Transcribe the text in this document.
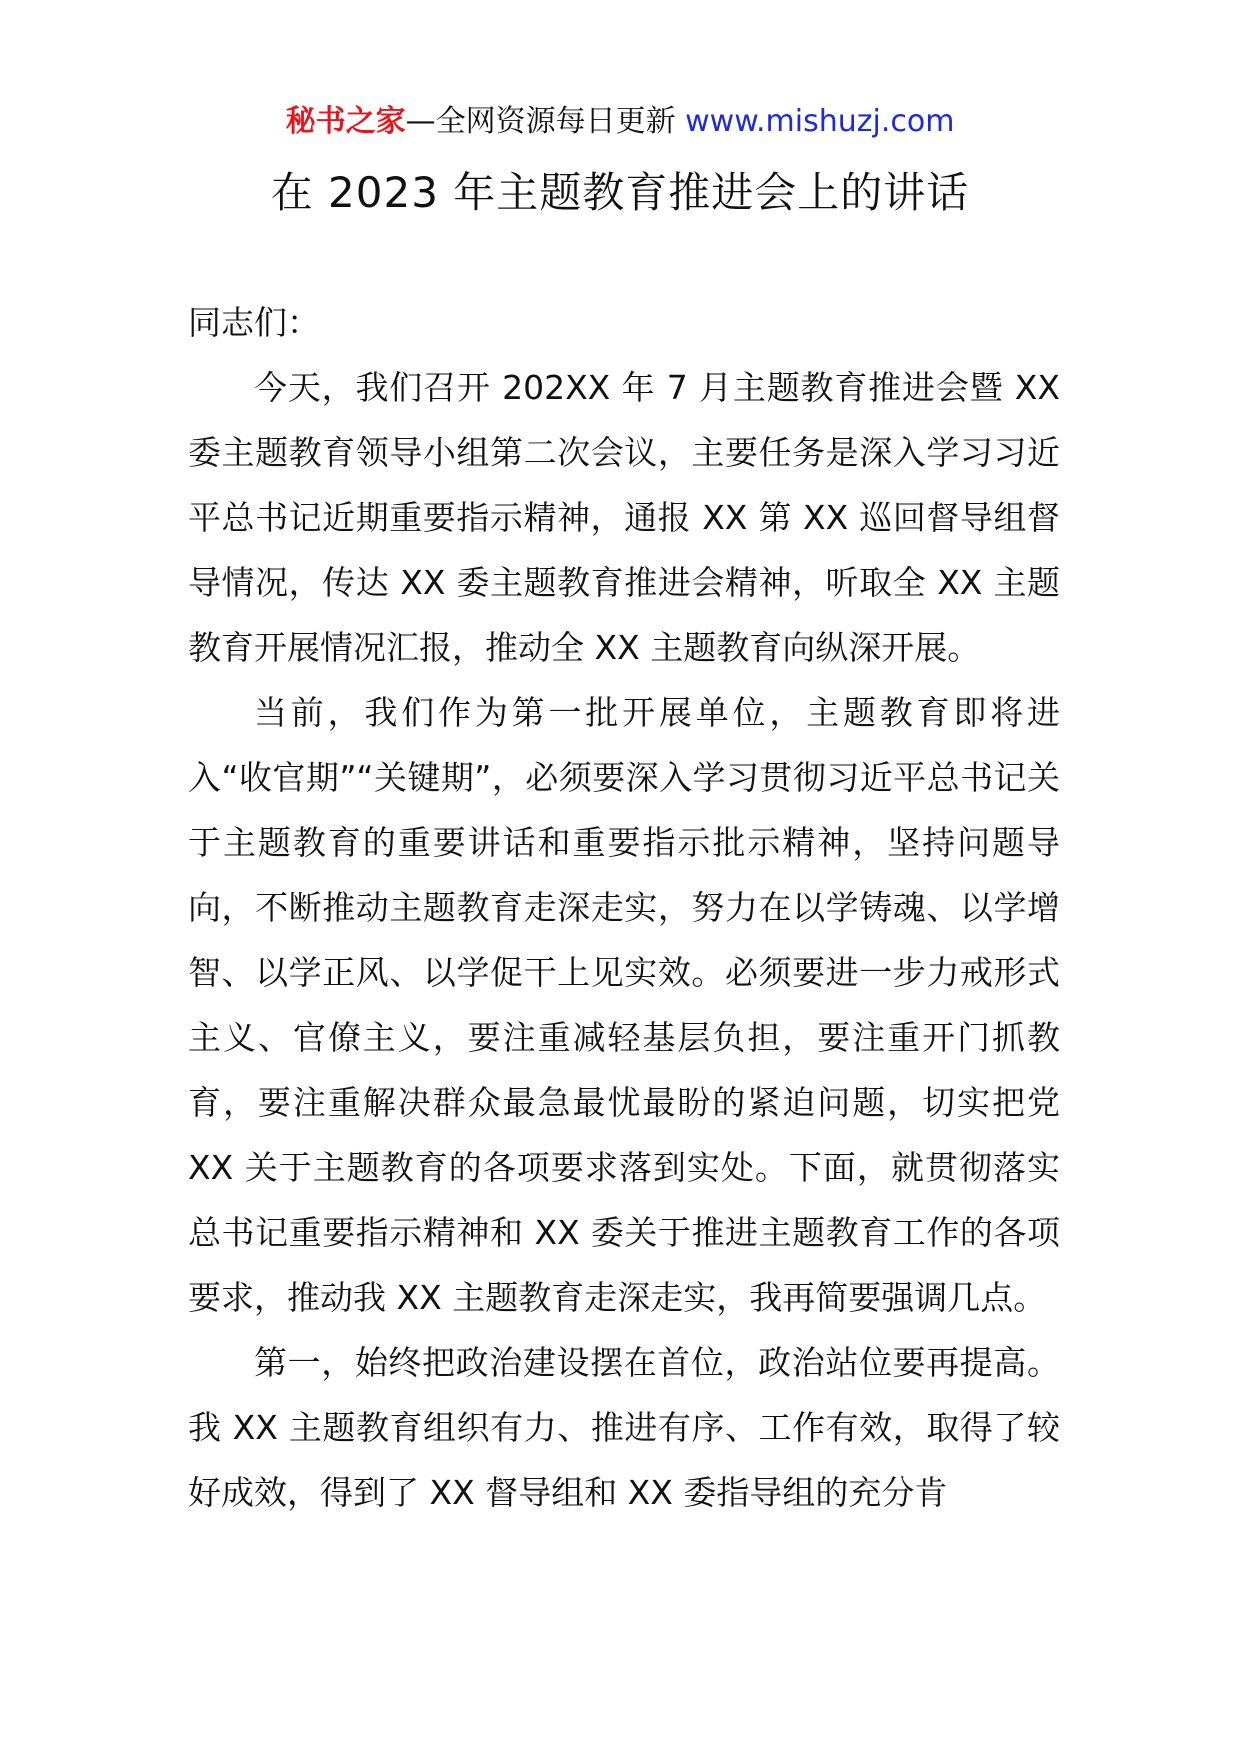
秘书之家—全网资源每日更新 www.mishuzj.com
在 2023 年主题教育推进会上的讲话

同志们：

今天，我们召开 202XX 年 7 月主题教育推进会暨 XX 委主题教育领导小组第二次会议，主要任务是深入学习习近平总书记近期重要指示精神，通报 XX 第 XX 巡回督导组督导情况，传达 XX 委主题教育推进会精神，听取全 XX 主题教育开展情况汇报，推动全 XX 主题教育向纵深开展。

当前，我们作为第一批开展单位，主题教育即将进入“收官期”“关键期”，必须要深入学习贯彻习近平总书记关于主题教育的重要讲话和重要指示批示精神，坚持问题导向，不断推动主题教育走深走实，努力在以学铸魂、以学增智、以学正风、以学促干上见实效。必须要进一步力戒形式主义、官僚主义，要注重减轻基层负担，要注重开门抓教育，要注重解决群众最急最忧最盼的紧迫问题，切实把党 XX 关于主题教育的各项要求落到实处。下面，就贯彻落实总书记重要指示精神和 XX 委关于推进主题教育工作的各项要求，推动我 XX 主题教育走深走实，我再简要强调几点。

第一，始终把政治建设摆在首位，政治站位要再提高。我 XX 主题教育组织有力、推进有序、工作有效，取得了较好成效，得到了 XX 督导组和 XX 委指导组的充分肯
